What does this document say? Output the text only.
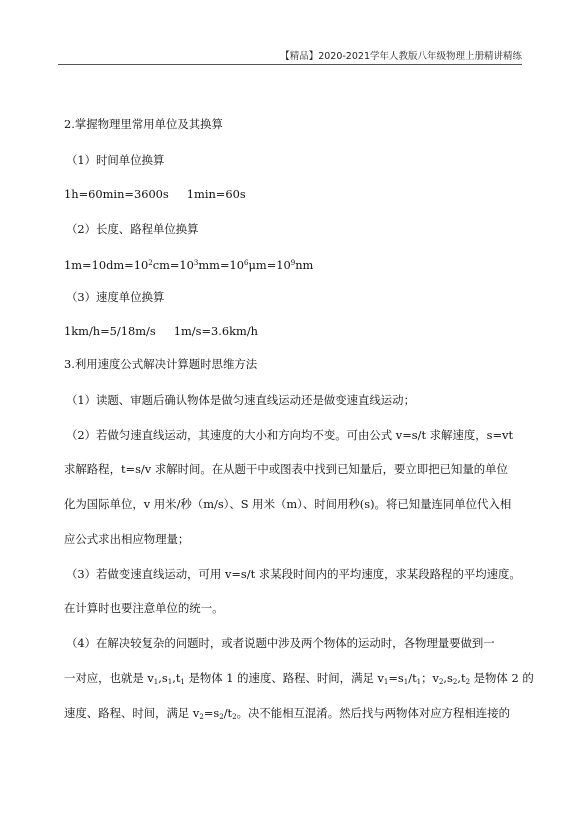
【精品】2020-2021学年人教版八年级物理上册精讲精练
2.掌握物理里常用单位及其换算
（1）时间单位换算
1h=60min=3600s 1min=60s
（2）长度、路程单位换算
$1m=10dm=10^2cm=10^3mm=10^6\mu m=10^9nm$
（3）速度单位换算
1km/h=5/18m/s 1m/s=3.6km/h
3.利用速度公式解决计算题时思维方法
（1）读题、审题后确认物体是做匀速直线运动还是做变速直线运动；
（2）若做匀速直线运动，其速度的大小和方向均不变。可由公式 v=s/t 求解速度，s=vt
求解路程，t=s/v 求解时间。在从题干中或图表中找到已知量后，要立即把已知量的单位
化为国际单位，v 用米/秒（m/s）、S 用米（m）、时间用秒(s)。将已知量连同单位代入相
应公式求出相应物理量；
（3）若做变速直线运动，可用 v=s/t 求某段时间内的平均速度，求某段路程的平均速度。
在计算时也要注意单位的统一。
（4）在解决较复杂的问题时，或者说题中涉及两个物体的运动时，各物理量要做到一
一对应，也就是 $v_1,s_1,t_1$ 是物体 1 的速度、路程、时间，满足 $v_1=s_1/t_1$；$v_2,s_2,t_2$ 是物体 2 的
速度、路程、时间，满足 $v_2=s_2/t_2$。决不能相互混淆。然后找与两物体对应方程相连接的
